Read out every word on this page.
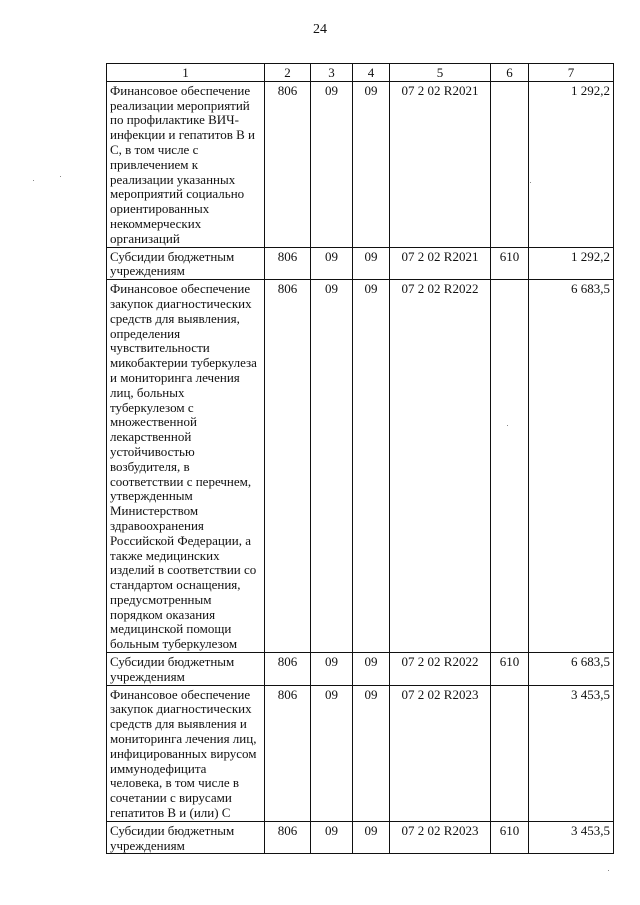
24
1	2	3	4	5	6	7
Финансовое обеспечение реализации мероприятий по профилактике ВИЧ-инфекции и гепатитов В и С, в том числе с привлечением к реализации указанных мероприятий социально ориентированных некоммерческих организаций	806	09	09	07 2 02 R2021		1 292,2
Субсидии бюджетным учреждениям	806	09	09	07 2 02 R2021	610	1 292,2
Финансовое обеспечение закупок диагностических средств для выявления, определения чувствительности микобактерии туберкулеза и мониторинга лечения лиц, больных туберкулезом с множественной лекарственной устойчивостью возбудителя, в соответствии с перечнем, утвержденным Министерством здравоохранения Российской Федерации, а также медицинских изделий в соответствии со стандартом оснащения, предусмотренным порядком оказания медицинской помощи больным туберкулезом	806	09	09	07 2 02 R2022		6 683,5
Субсидии бюджетным учреждениям	806	09	09	07 2 02 R2022	610	6 683,5
Финансовое обеспечение закупок диагностических средств для выявления и мониторинга лечения лиц, инфицированных вирусом иммунодефицита человека, в том числе в сочетании с вирусами гепатитов В и (или) С	806	09	09	07 2 02 R2023		3 453,5
Субсидии бюджетным учреждениям	806	09	09	07 2 02 R2023	610	3 453,5
